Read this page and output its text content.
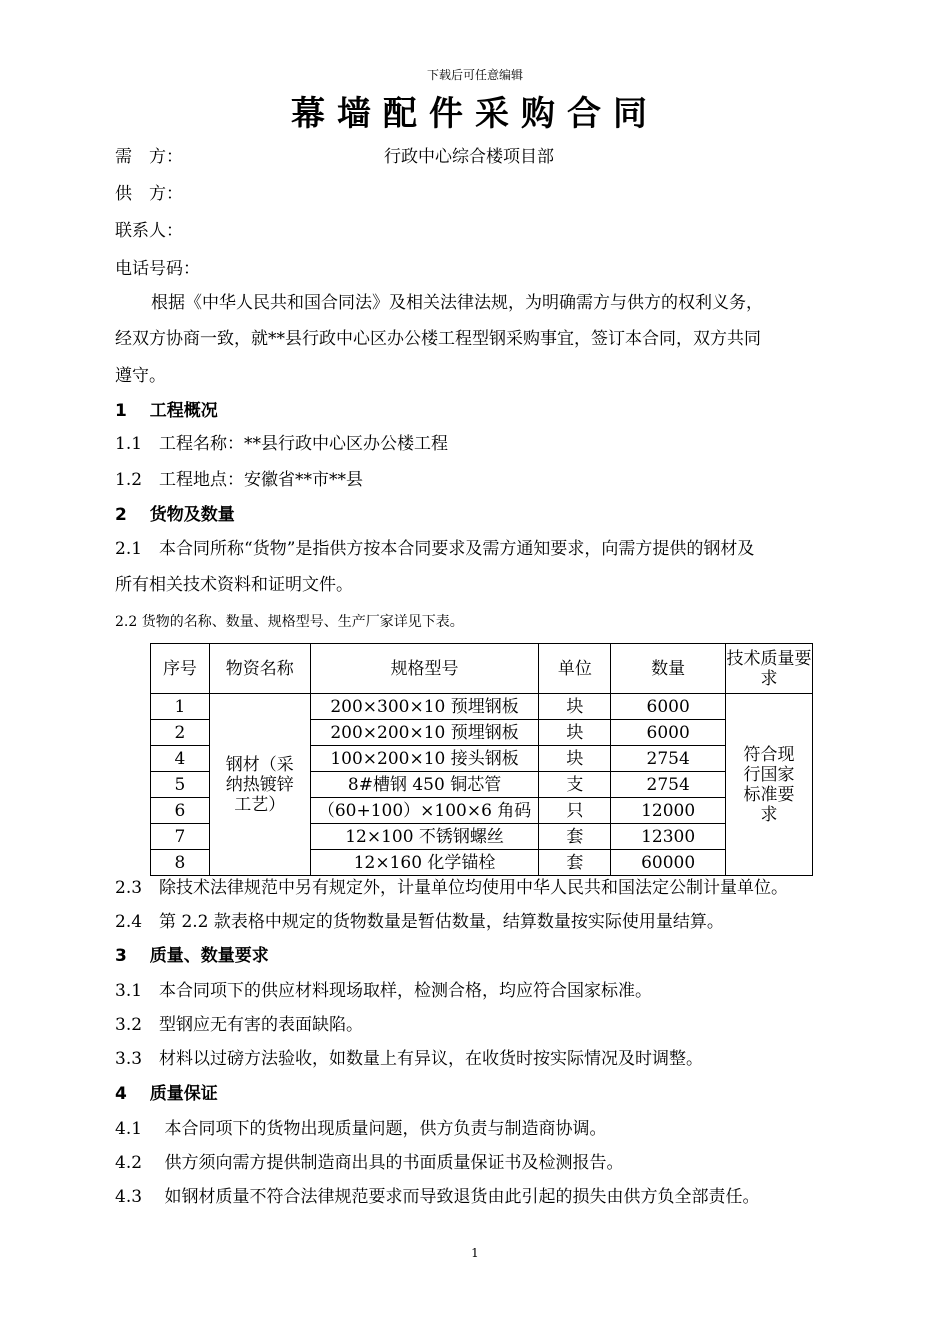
下载后可任意编辑
幕墙配件采购合同
需　方：	行政中心综合楼项目部
供　方：
联系人：
电话号码：
根据《中华人民共和国合同法》及相关法律法规，为明确需方与供方的权利义务，
经双方协商一致，就**县行政中心区办公楼工程型钢采购事宜，签订本合同，双方共同
遵守。
1　 工程概况
1.1　工程名称：**县行政中心区办公楼工程
1.2　工程地点：安徽省**市**县
2　 货物及数量
2.1　本合同所称“货物”是指供方按本合同要求及需方通知要求，向需方提供的钢材及
所有相关技术资料和证明文件。
2.2 货物的名称、数量、规格型号、生产厂家详见下表。
序号	物资名称	规格型号	单位	数量	技术质量要求
1	钢材（采纳热镀锌工艺）	200×300×10 预埋钢板	块	6000	符合现行国家标准要求
2		200×200×10 预埋钢板	块	6000	
4		100×200×10 接头钢板	块	2754	
5		8#槽钢 450 铜芯管	支	2754	
6		（60+100）×100×6 角码	只	12000	
7		12×100 不锈钢螺丝	套	12300	
8		12×160 化学锚栓	套	60000	
2.3　除技术法律规范中另有规定外，计量单位均使用中华人民共和国法定公制计量单位。
2.4　第 2.2 款表格中规定的货物数量是暂估数量，结算数量按实际使用量结算。
3　 质量、数量要求
3.1　本合同项下的供应材料现场取样，检测合格，均应符合国家标准。
3.2　型钢应无有害的表面缺陷。
3.3　材料以过磅方法验收，如数量上有异议，在收货时按实际情况及时调整。
4　 质量保证
4.1　 本合同项下的货物出现质量问题，供方负责与制造商协调。
4.2　 供方须向需方提供制造商出具的书面质量保证书及检测报告。
4.3　 如钢材质量不符合法律规范要求而导致退货由此引起的损失由供方负全部责任。
1
